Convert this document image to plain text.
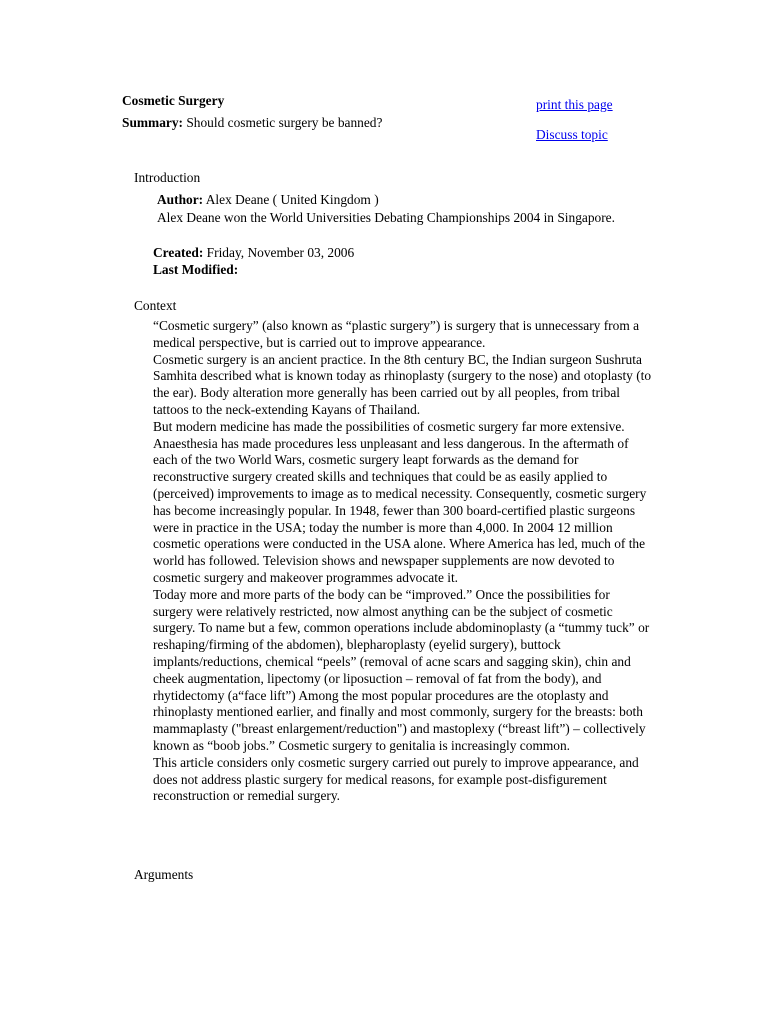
Cosmetic Surgery
Summary: Should cosmetic surgery be banned?
print this page
Discuss topic
Introduction
Author: Alex Deane ( United Kingdom )
Alex Deane won the World Universities Debating Championships 2004 in Singapore.
Created: Friday, November 03, 2006
Last Modified:
Context

“Cosmetic surgery” (also known as “plastic surgery”) is surgery that is unnecessary from a medical perspective, but is carried out to improve appearance.

Cosmetic surgery is an ancient practice. In the 8th century BC, the Indian surgeon Sushruta Samhita described what is known today as rhinoplasty (surgery to the nose) and otoplasty (to the ear). Body alteration more generally has been carried out by all peoples, from tribal tattoos to the neck-extending Kayans of Thailand.

But modern medicine has made the possibilities of cosmetic surgery far more extensive. Anaesthesia has made procedures less unpleasant and less dangerous. In the aftermath of each of the two World Wars, cosmetic surgery leapt forwards as the demand for reconstructive surgery created skills and techniques that could be as easily applied to (perceived) improvements to image as to medical necessity. Consequently, cosmetic surgery has become increasingly popular. In 1948, fewer than 300 board-certified plastic surgeons were in practice in the USA; today the number is more than 4,000. In 2004 12 million cosmetic operations were conducted in the USA alone. Where America has led, much of the world has followed. Television shows and newspaper supplements are now devoted to cosmetic surgery and makeover programmes advocate it.

Today more and more parts of the body can be “improved.” Once the possibilities for surgery were relatively restricted, now almost anything can be the subject of cosmetic surgery. To name but a few, common operations include abdominoplasty (a “tummy tuck” or reshaping/firming of the abdomen), blepharoplasty (eyelid surgery), buttock implants/reductions, chemical “peels” (removal of acne scars and sagging skin), chin and cheek augmentation, lipectomy (or liposuction – removal of fat from the body), and rhytidectomy (a“face lift”) Among the most popular procedures are the otoplasty and rhinoplasty mentioned earlier, and finally and most commonly, surgery for the breasts: both mammaplasty ("breast enlargement/reduction") and mastoplexy (“breast lift”) – collectively known as “boob jobs.” Cosmetic surgery to genitalia is increasingly common.

This article considers only cosmetic surgery carried out purely to improve appearance, and does not address plastic surgery for medical reasons, for example post-disfigurement reconstruction or remedial surgery.

Arguments
